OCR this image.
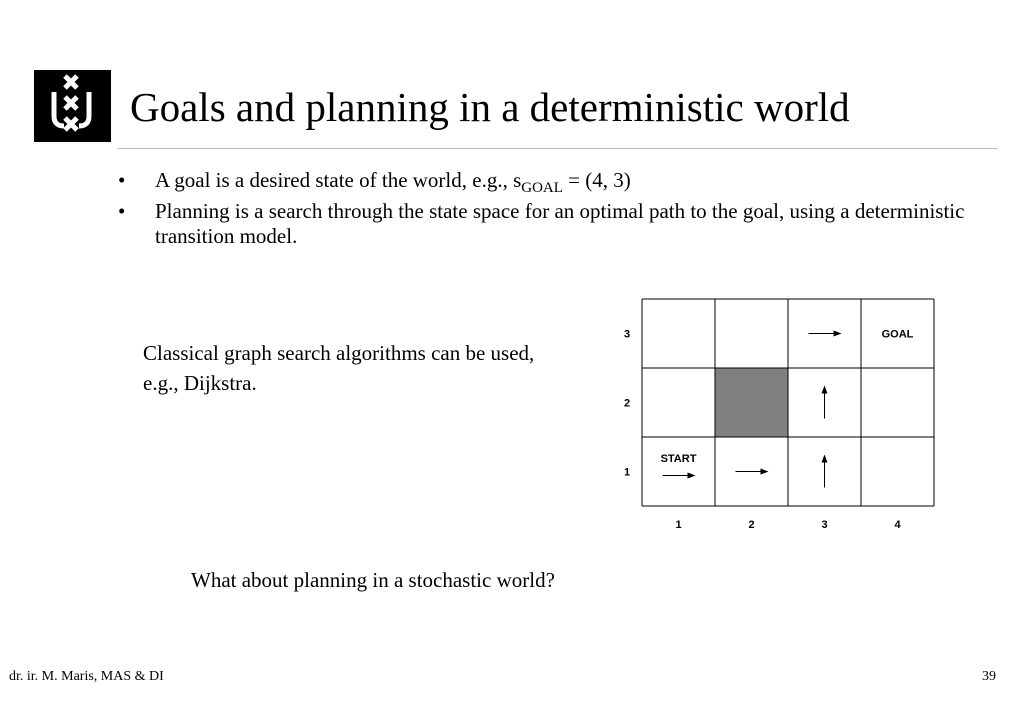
Goals and planning in a deterministic world
• A goal is a desired state of the world, e.g., $s_{GOAL} = (4$, 3)
• Planning is a search through the state space for an optimal path to the goal, using a deterministic transition model.
Classical graph search algorithms can be used, e.g., Dijkstra.
1	2	3	4
3
2
1
START
GOAL
What about planning in a stochastic world?
dr. ir. M. Maris, MAS & DI	39
